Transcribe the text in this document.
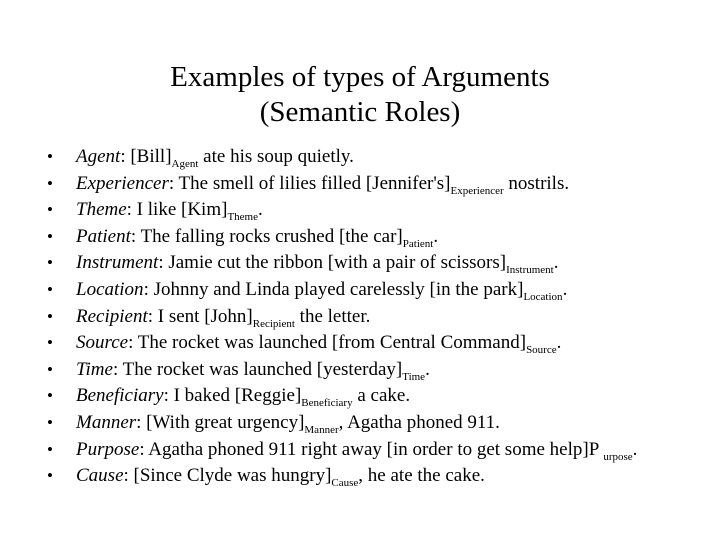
Examples of types of Arguments
(Semantic Roles)
• Agent: $[Bill]_{Agent}$ ate his soup quietly.
• Experiencer: The smell of lilies filled $[Jennifer's]_{Experiencer}$ nostrils.
• Theme: I like $[Kim]_{Theme}$.
• Patient: The falling rocks crushed [the $car]_{Patient}$.
• Instrument: Jamie cut the ribbon [with a pair of $scissors]_{Instrument}$.
• Location: Johnny and Linda played carelessly [in the $park]_{Location}$.
• Recipient: I sent $[John]_{Recipient}$ the letter.
• Source: The rocket was launched [from Central $Command]_{Source}$.
• Time: The rocket was launched $[yesterday]_{Time}$.
• Beneficiary: I baked $[Reggie]_{Beneficiary}$ a cake.
• Manner: [With great $urgency]_{Manner}$, Agatha phoned 911.
• Purpose: Agatha phoned 911 right away [in order to get some help]P $_{urpose}$.
• Cause: [Since Clyde was $hungry]_{Cause}$, he ate the cake.
